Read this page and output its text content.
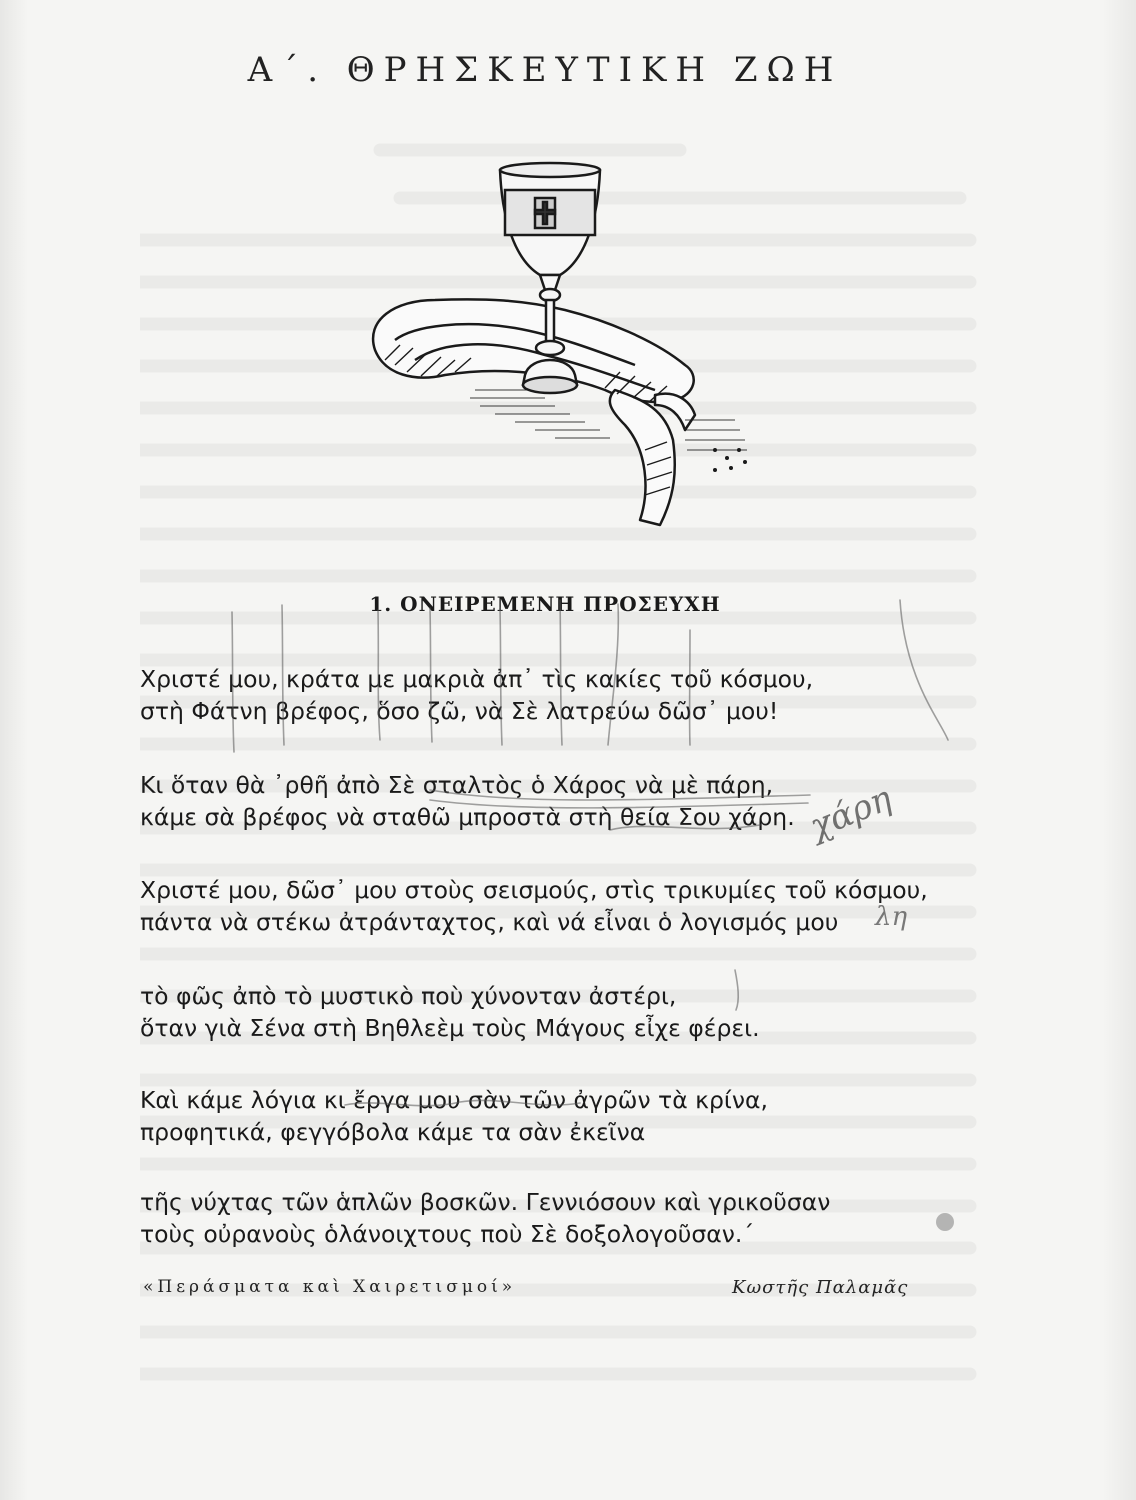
Α΄. ΘΡΗΣΚΕΥΤΙΚΗ ΖΩΗ
1. ΟΝΕΙΡΕΜΕΝΗ ΠΡΟΣΕΥΧΗ
Χριστέ μου, κράτα με μακριὰ ἀπ᾿ τὶς κακίες τοῦ κόσμου,
στὴ Φάτνη βρέφος, ὅσο ζῶ, νὰ Σὲ λατρεύω δῶσ᾿ μου!
Κι ὅταν θὰ ᾿ρθῆ ἀπὸ Σὲ σταλτὸς ὁ Χάρος νὰ μὲ πάρη,
κάμε σὰ βρέφος νὰ σταθῶ μπροστὰ στὴ θεία Σου χάρη.
Χριστέ μου, δῶσ᾿ μου στοὺς σεισμούς, στὶς τρικυμίες τοῦ κόσμου,
πάντα νὰ στέκω ἀτράνταχτος, καὶ νά εἶναι ὁ λογισμός μου
τὸ φῶς ἀπὸ τὸ μυστικὸ ποὺ χύνονταν ἀστέρι,
ὅταν γιὰ Σένα στὴ Βηθλεὲμ τοὺς Μάγους εἶχε φέρει.
Καὶ κάμε λόγια κι ἔργα μου σὰν τῶν ἀγρῶν τὰ κρίνα,
προφητικά, φεγγόβολα κάμε τα σὰν ἐκεῖνα
τῆς νύχτας τῶν ἁπλῶν βοσκῶν. Γεννιόσουν καὶ γρικοῦσαν
τοὺς οὐρανοὺς ὁλάνοιχτους ποὺ Σὲ δοξολογοῦσαν.΄
«Περάσματα καὶ Χαιρετισμοί»	Κωστῆς Παλαμᾶς
χάρη
λη
